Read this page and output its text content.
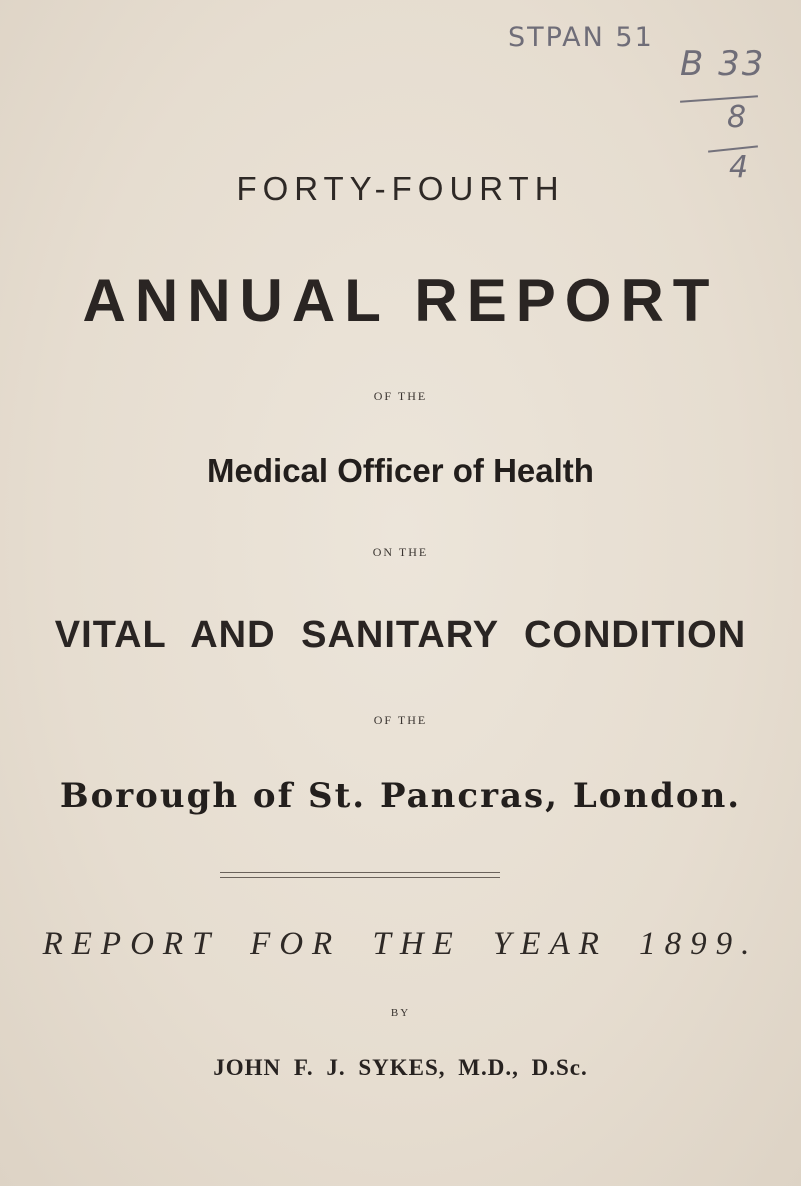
STPAN 51
B 33
8
4
FORTY-FOURTH
ANNUAL REPORT
OF THE
Medical Officer of Health
ON THE
VITAL AND SANITARY CONDITION
OF THE
Borough of St. Pancras, London.
REPORT FOR THE YEAR 1899.
BY
JOHN F. J. SYKES, M.D., D.Sc.
